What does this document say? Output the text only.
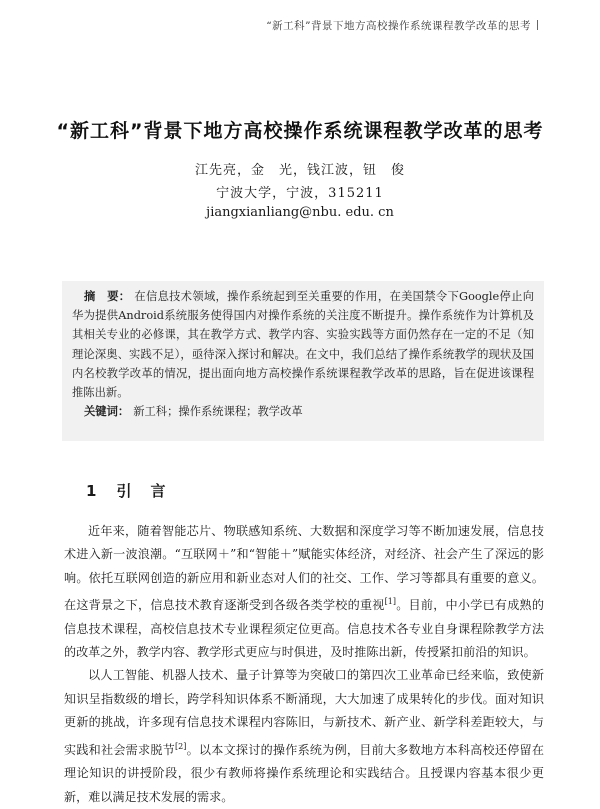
“新工科”背景下地方高校操作系统课程教学改革的思考
“新工科”背景下地方高校操作系统课程教学改革的思考
江先亮，金　光，钱江波，钮　俊
宁波大学，宁波，315211
jiangxianliang@nbu. edu. cn

摘　要： 在信息技术领域，操作系统起到至关重要的作用，在美国禁令下Google停止向华为提供Android系统服务使得国内对操作系统的关注度不断提升。操作系统作为计算机及其相关专业的必修课，其在教学方式、教学内容、实验实践等方面仍然存在一定的不足（知理论深奥、实践不足），亟待深入探讨和解决。在文中，我们总结了操作系统教学的现状及国内名校教学改革的情况，提出面向地方高校操作系统课程教学改革的思路，旨在促进该课程推陈出新。

关键词： 新工科；操作系统课程；教学改革
1 引　言

近年来，随着智能芯片、物联感知系统、大数据和深度学习等不断加速发展，信息技术进入新一波浪潮。“互联网＋”和“智能＋”赋能实体经济，对经济、社会产生了深远的影响。依托互联网创造的新应用和新业态对人们的社交、工作、学习等都具有重要的意义。在这背景之下，信息技术教育逐渐受到各级各类学校的重视[1]。目前，中小学已有成熟的信息技术课程，高校信息技术专业课程须定位更高。信息技术各专业自身课程除教学方法的改革之外，教学内容、教学形式更应与时俱进，及时推陈出新，传授紧扣前沿的知识。

以人工智能、机器人技术、量子计算等为突破口的第四次工业革命已经来临，致使新知识呈指数级的增长，跨学科知识体系不断涌现，大大加速了成果转化的步伐。面对知识更新的挑战，许多现有信息技术课程内容陈旧，与新技术、新产业、新学科差距较大，与实践和社会需求脱节[2]。以本文探讨的操作系统为例，目前大多数地方本科高校还停留在理论知识的讲授阶段，很少有教师将操作系统理论和实践结合。且授课内容基本很少更新，难以满足技术发展的需求。
